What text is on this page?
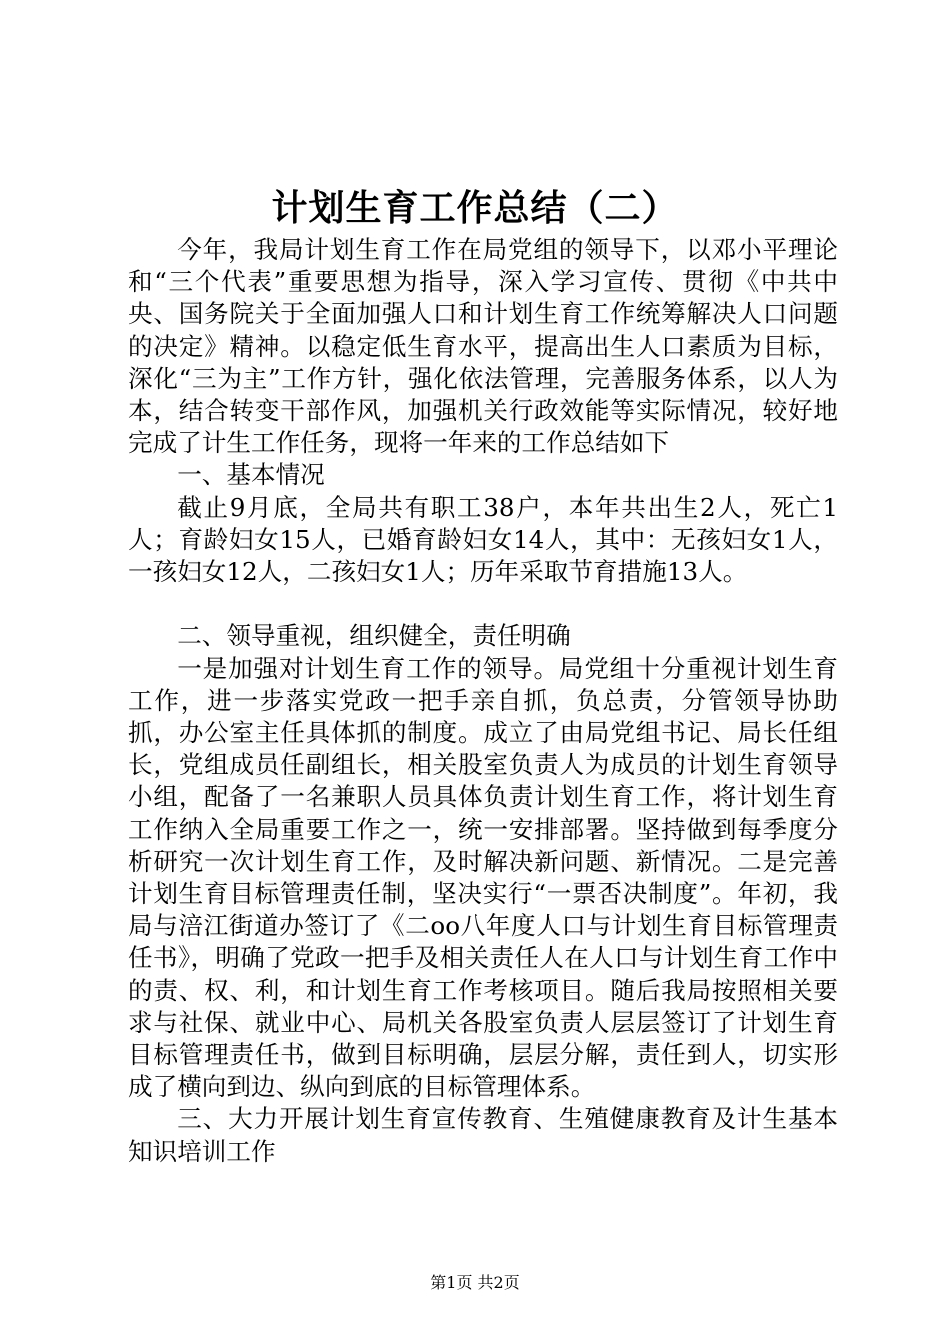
计划生育工作总结（二）

今年，我局计划生育工作在局党组的领导下，以邓小平理论和“三个代表”重要思想为指导，深入学习宣传、贯彻《中共中央、国务院关于全面加强人口和计划生育工作统筹解决人口问题的决定》精神。以稳定低生育水平，提高出生人口素质为目标，深化“三为主”工作方针，强化依法管理，完善服务体系，以人为本，结合转变干部作风，加强机关行政效能等实际情况，较好地完成了计生工作任务，现将一年来的工作总结如下

一、基本情况

截止9月底，全局共有职工38户，本年共出生2人，死亡1人；育龄妇女15人，已婚育龄妇女14人，其中：无孩妇女1人，一孩妇女12人，二孩妇女1人；历年采取节育措施13人。

二、领导重视，组织健全，责任明确

一是加强对计划生育工作的领导。局党组十分重视计划生育工作，进一步落实党政一把手亲自抓，负总责，分管领导协助抓，办公室主任具体抓的制度。成立了由局党组书记、局长任组长，党组成员任副组长，相关股室负责人为成员的计划生育领导小组，配备了一名兼职人员具体负责计划生育工作，将计划生育工作纳入全局重要工作之一，统一安排部署。坚持做到每季度分析研究一次计划生育工作，及时解决新问题、新情况。二是完善计划生育目标管理责任制，坚决实行“一票否决制度”。年初，我局与涪江街道办签订了《二oo八年度人口与计划生育目标管理责任书》，明确了党政一把手及相关责任人在人口与计划生育工作中的责、权、利，和计划生育工作考核项目。随后我局按照相关要求与社保、就业中心、局机关各股室负责人层层签订了计划生育目标管理责任书，做到目标明确，层层分解，责任到人，切实形成了横向到边、纵向到底的目标管理体系。

三、大力开展计划生育宣传教育、生殖健康教育及计生基本知识培训工作

第1页 共2页
